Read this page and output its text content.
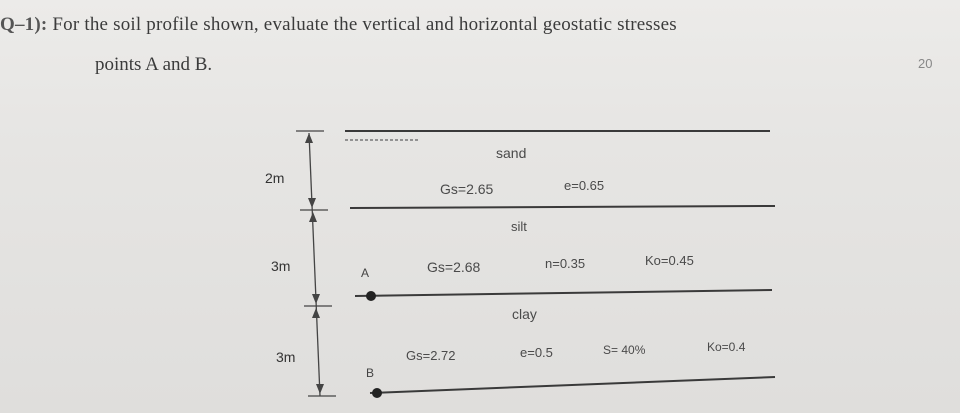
Q–1): For the soil profile shown, evaluate the vertical and horizontal geostatic stresses
points A and B.	20
2m
3m
3m
sand
Gs=2.65	e=0.65
silt
Gs=2.68	n=0.35	Ko=0.45
clay
Gs=2.72	e=0.5	S= 40%	Ko=0.4
A
B
